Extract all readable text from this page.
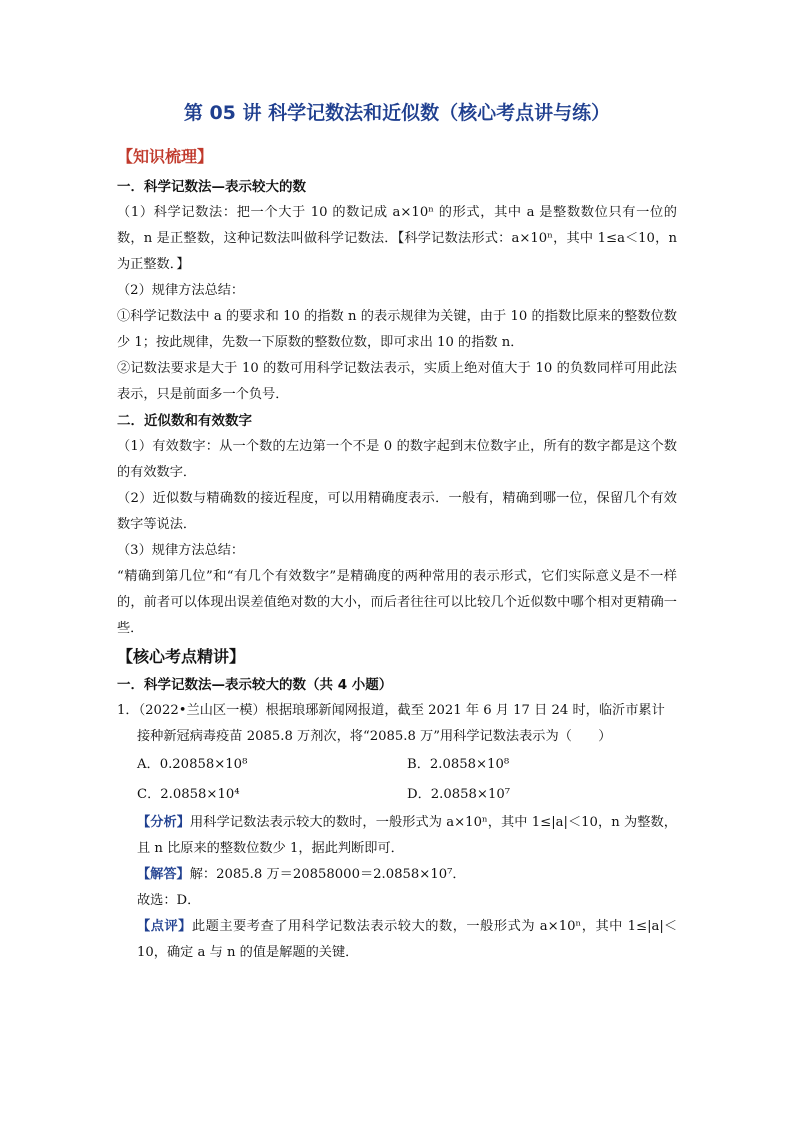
第 05 讲 科学记数法和近似数（核心考点讲与练）
【知识梳理】
一．科学记数法—表示较大的数
（1）科学记数法：把一个大于 10 的数记成 a×10ⁿ 的形式，其中 a 是整数数位只有一位的数，n 是正整数，这种记数法叫做科学记数法．【科学记数法形式：a×10ⁿ，其中 1≤a＜10，n 为正整数．】
（2）规律方法总结：
①科学记数法中 a 的要求和 10 的指数 n 的表示规律为关键，由于 10 的指数比原来的整数位数少 1；按此规律，先数一下原数的整数位数，即可求出 10 的指数 n．
②记数法要求是大于 10 的数可用科学记数法表示，实质上绝对值大于 10 的负数同样可用此法表示，只是前面多一个负号．
二．近似数和有效数字
（1）有效数字：从一个数的左边第一个不是 0 的数字起到末位数字止，所有的数字都是这个数的有效数字．
（2）近似数与精确数的接近程度，可以用精确度表示．一般有，精确到哪一位，保留几个有效数字等说法．
（3）规律方法总结：
“精确到第几位”和“有几个有效数字”是精确度的两种常用的表示形式，它们实际意义是不一样的，前者可以体现出误差值绝对数的大小，而后者往往可以比较几个近似数中哪个相对更精确一些．
【核心考点精讲】
一．科学记数法—表示较大的数（共 4 小题）
1．（2022•兰山区一模）根据琅琊新闻网报道，截至 2021 年 6 月 17 日 24 时，临沂市累计
接种新冠病毒疫苗 2085.8 万剂次，将“2085.8 万”用科学记数法表示为（　　）
A．0.20858×10⁸	B．2.0858×10⁸
C．2.0858×10⁴	D．2.0858×10⁷
【分析】用科学记数法表示较大的数时，一般形式为 a×10ⁿ，其中 1≤|a|＜10，n 为整数，且 n 比原来的整数位数少 1，据此判断即可．
【解答】解：2085.8 万＝20858000＝2.0858×10⁷．
故选：D．
【点评】此题主要考查了用科学记数法表示较大的数，一般形式为 a×10ⁿ，其中 1≤|a|＜10，确定 a 与 n 的值是解题的关键．
